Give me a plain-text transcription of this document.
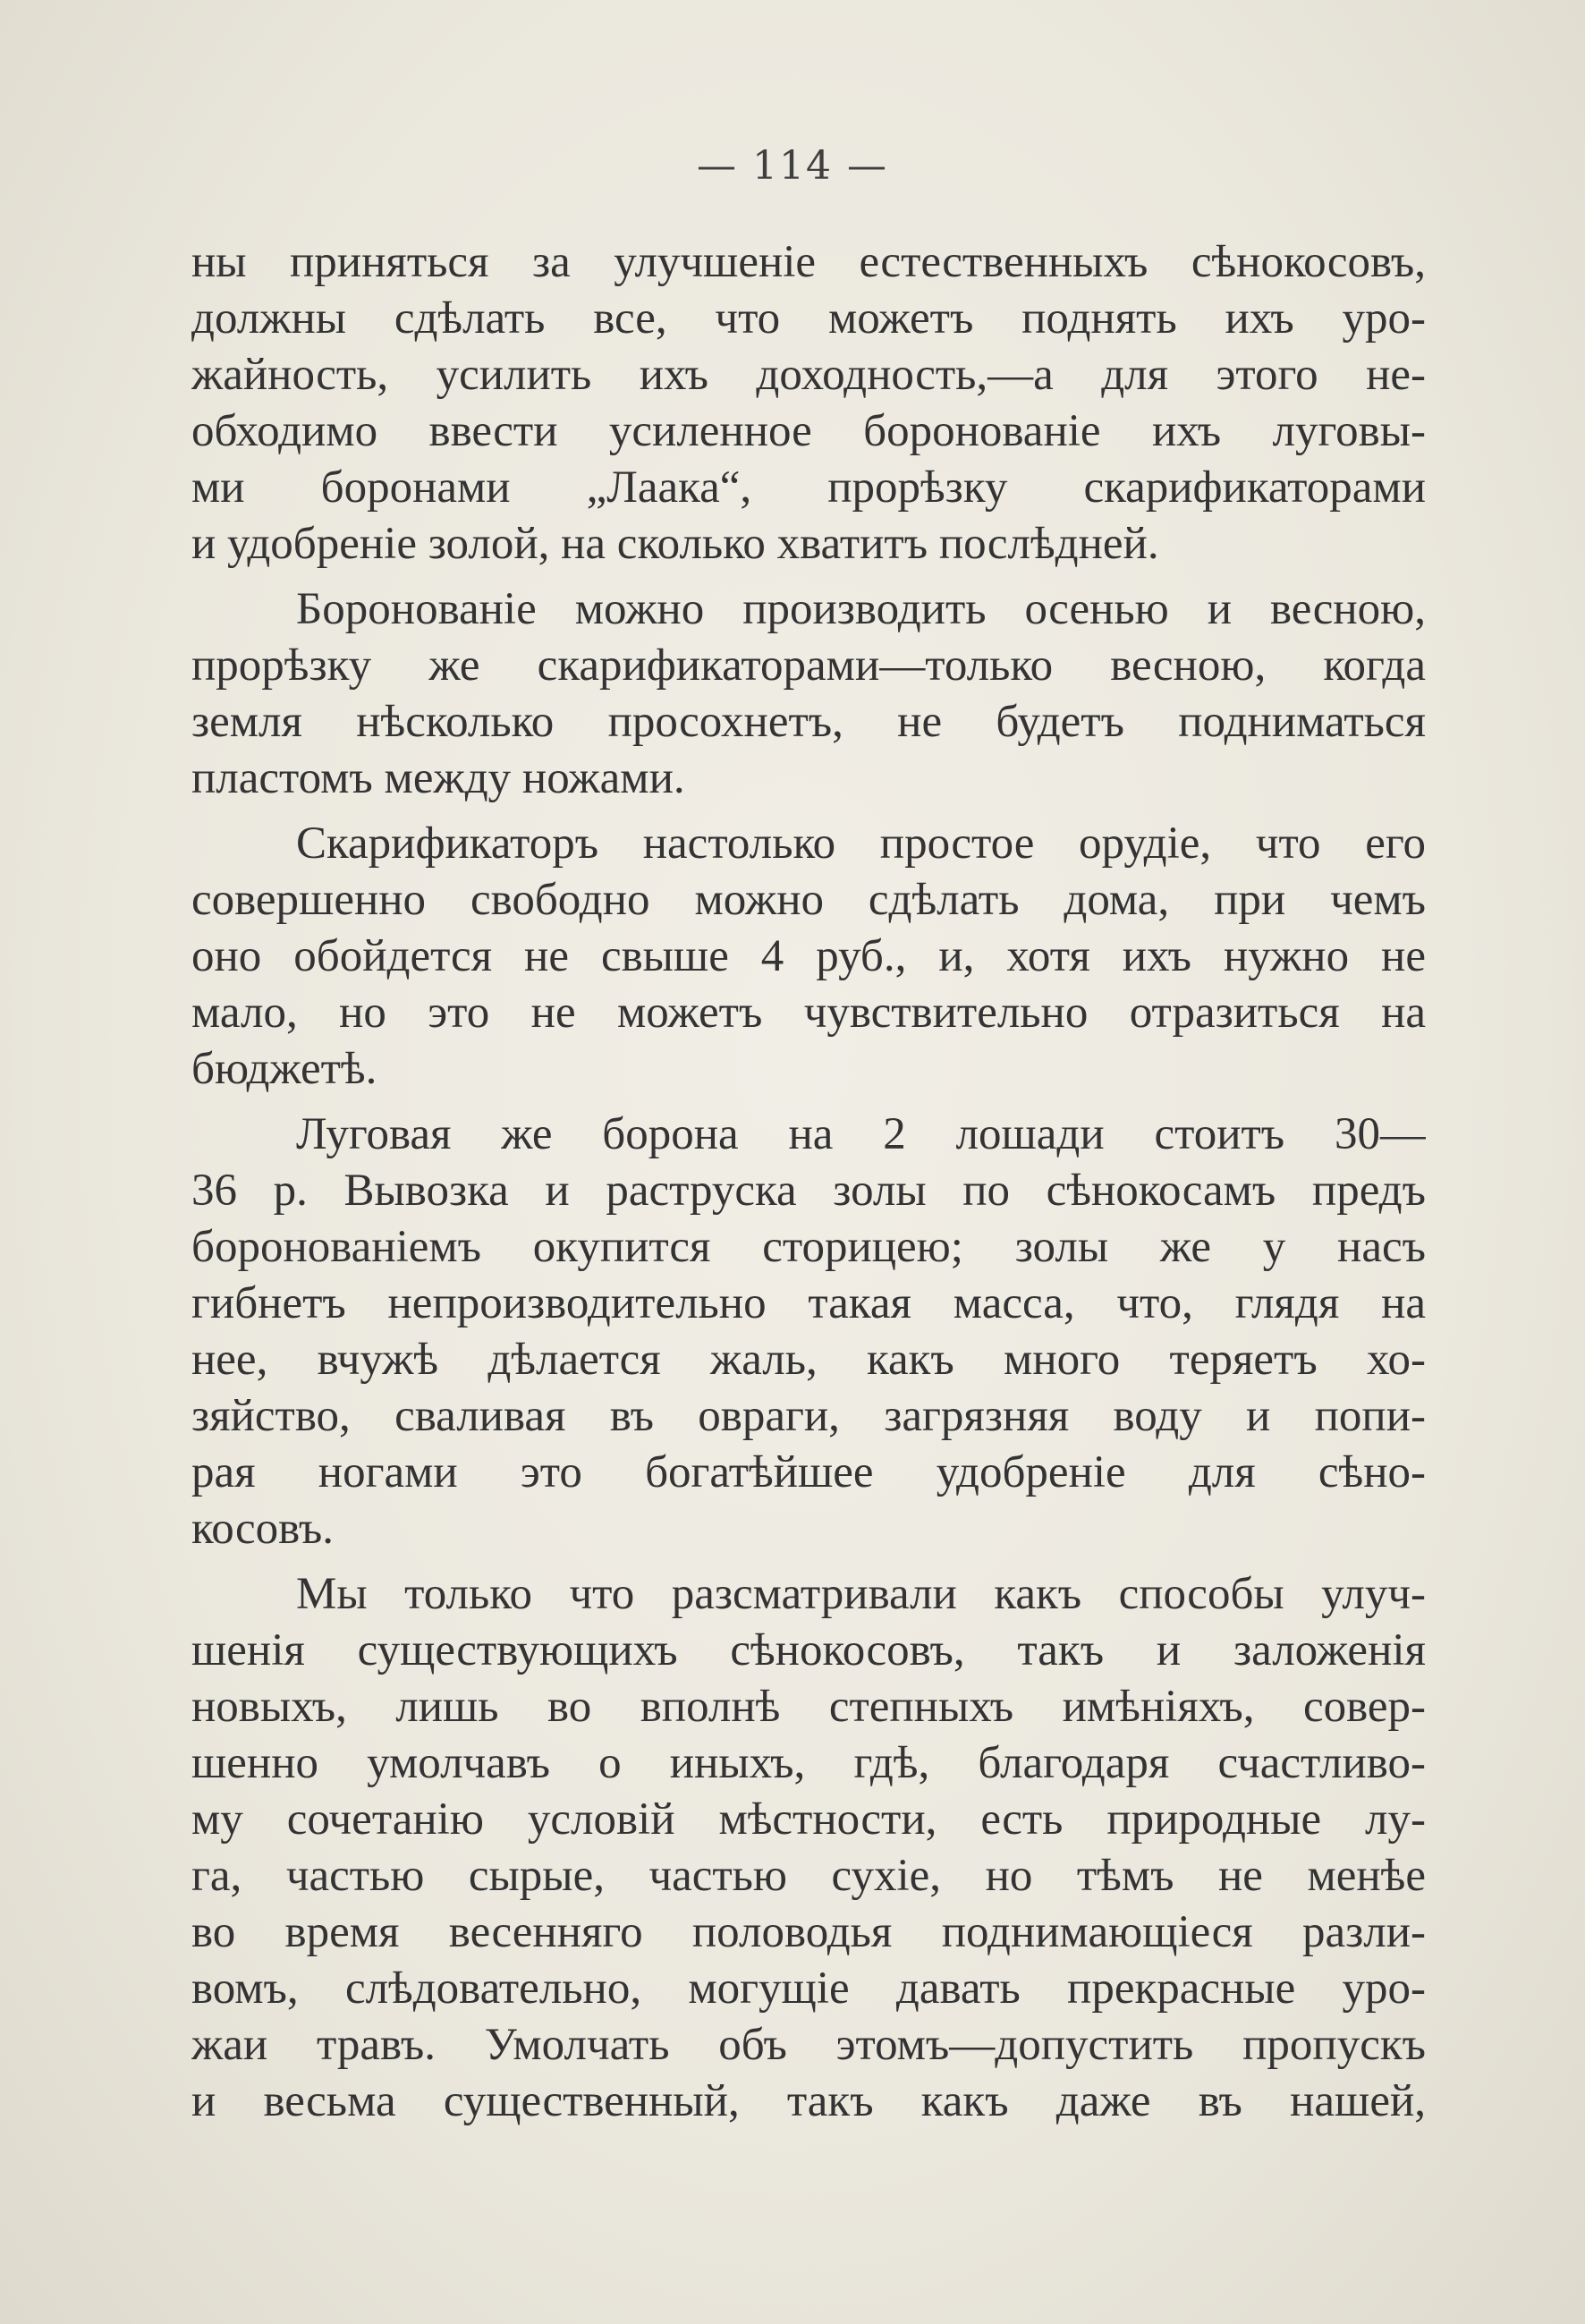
— 114 —
ны приняться за улучшеніе естественныхъ сѣнокосовъ,
должны сдѣлать все, что можетъ поднять ихъ уро-
жайность, усилить ихъ доходность,—а для этого не-
обходимо ввести усиленное боронованіе ихъ луговы-
ми боронами „Лаака“, прорѣзку скарификаторами
и удобреніе золой, на сколько хватитъ послѣдней.
Боронованіе можно производить осенью и весною,
прорѣзку же скарификаторами—только весною, когда
земля нѣсколько просохнетъ, не будетъ подниматься
пластомъ между ножами.
Скарификаторъ настолько простое орудіе, что его
совершенно свободно можно сдѣлать дома, при чемъ
оно обойдется не свыше 4 руб., и, хотя ихъ нужно не
мало, но это не можетъ чувствительно отразиться на
бюджетѣ.
Луговая же борона на 2 лошади стоитъ 30—
36 р. Вывозка и раструска золы по сѣнокосамъ предъ
боронованіемъ окупится сторицею; золы же у насъ
гибнетъ непроизводительно такая масса, что, глядя на
нее, вчужѣ дѣлается жаль, какъ много теряетъ хо-
зяйство, сваливая въ овраги, загрязняя воду и попи-
рая ногами это богатѣйшее удобреніе для сѣно-
косовъ.
Мы только что разсматривали какъ способы улуч-
шенія существующихъ сѣнокосовъ, такъ и заложенія
новыхъ, лишь во вполнѣ степныхъ имѣніяхъ, совер-
шенно умолчавъ о иныхъ, гдѣ, благодаря счастливо-
му сочетанію условій мѣстности, есть природные лу-
га, частью сырые, частью сухіе, но тѣмъ не менѣе
во время весенняго половодья поднимающіеся разли-
вомъ, слѣдовательно, могущіе давать прекрасные уро-
жаи травъ. Умолчать объ этомъ—допустить пропускъ
и весьма существенный, такъ какъ даже въ нашей,
